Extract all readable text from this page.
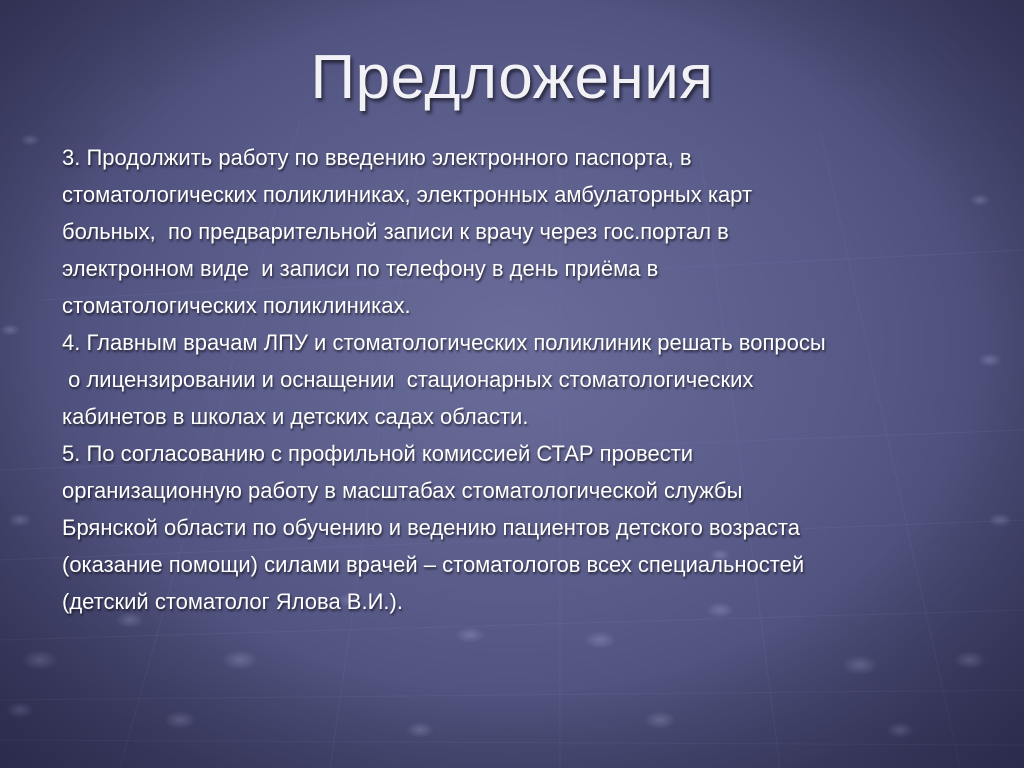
Предложения
3. Продолжить работу по введению электронного паспорта, в
стоматологических поликлиниках, электронных амбулаторных карт
больных,  по предварительной записи к врачу через гос.портал в
электронном виде  и записи по телефону в день приёма в
стоматологических поликлиниках.
4. Главным врачам ЛПУ и стоматологических поликлиник решать вопросы
о лицензировании и оснащении  стационарных стоматологических
кабинетов в школах и детских садах области.
5. По согласованию с профильной комиссией СТАР провести
организационную работу в масштабах стоматологической службы
Брянской области по обучению и ведению пациентов детского возраста
(оказание помощи) силами врачей – стоматологов всех специальностей
(детский стоматолог Ялова В.И.).
